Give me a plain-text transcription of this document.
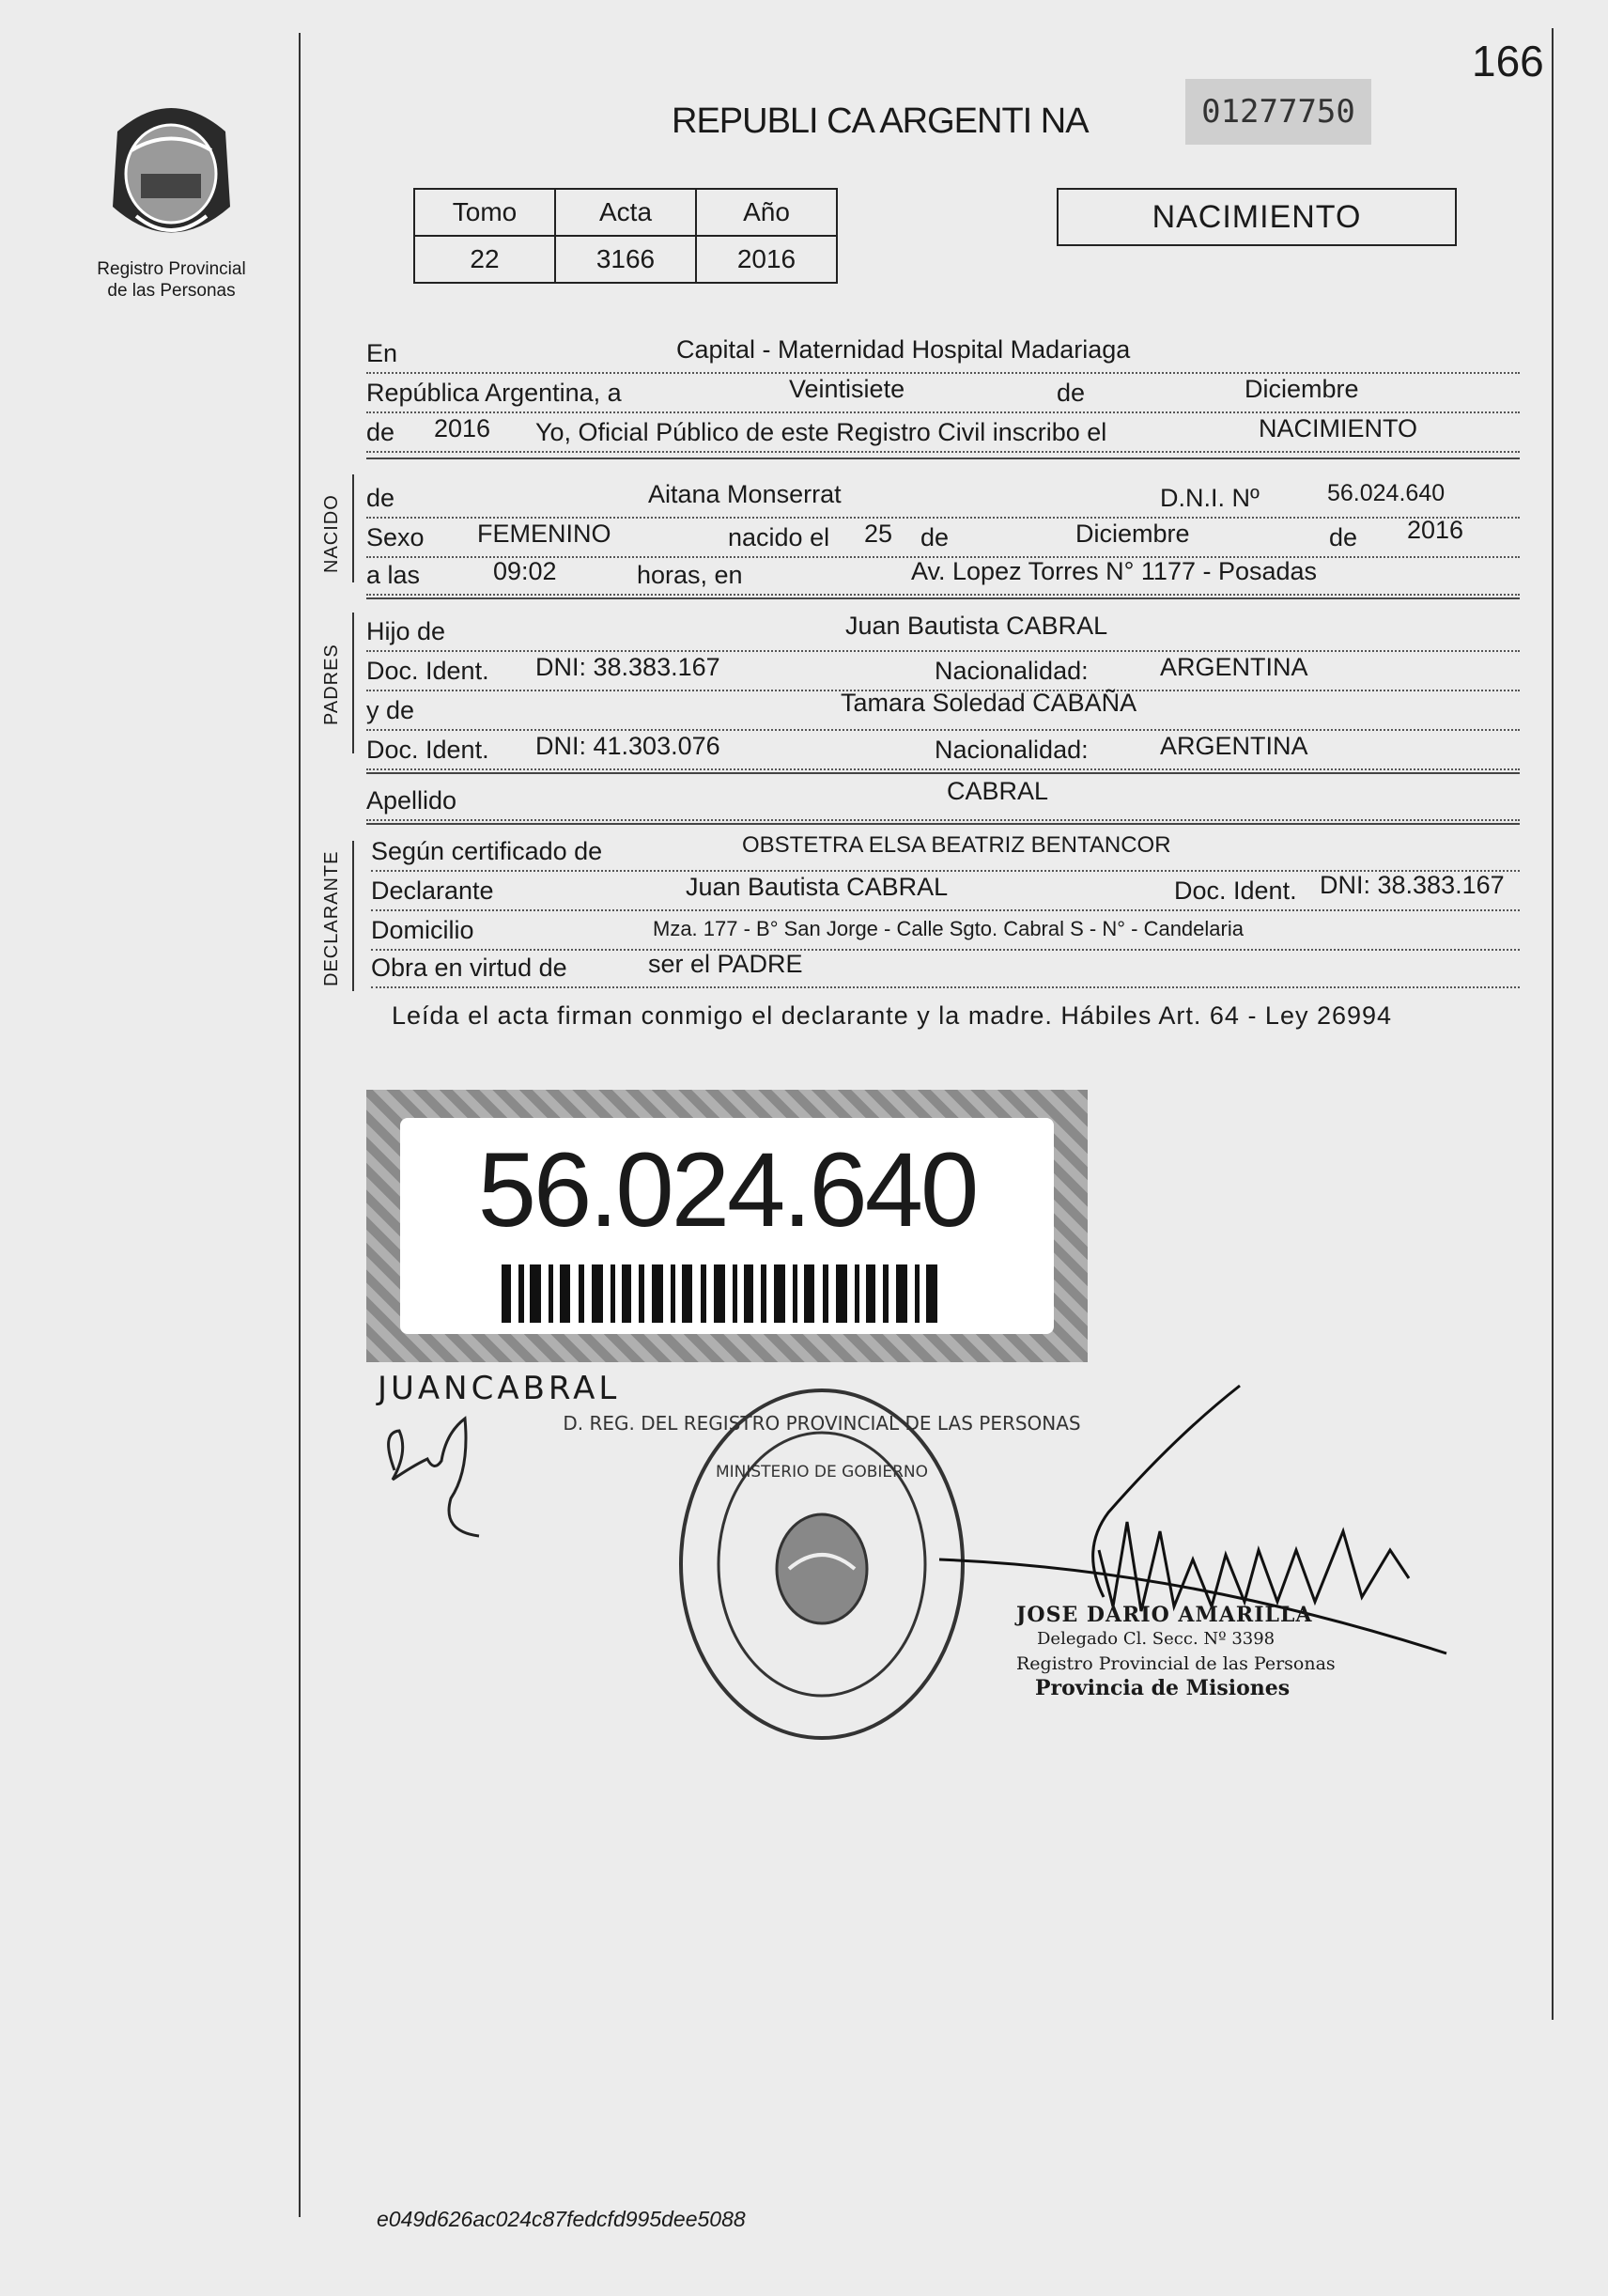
166
REPUBLI CA ARGENTI NA	01277750
Registro Provincial
de las Personas
Tomo	Acta	Año
22	3166	2016
NACIMIENTO
En	Capital - Maternidad Hospital Madariaga
República Argentina, a	Veintisiete	de	Diciembre
de 2016 Yo, Oficial Público de este Registro Civil inscribo el	NACIMIENTO
NACIDO de	Aitana Monserrat	D.N.I. Nº	56.024.640
Sexo FEMENINO	nacido el 25 de	Diciembre	de 2016
a las	09:02	horas, en	Av. Lopez Torres N° 1177 - Posadas
PADRES
Hijo de	Juan Bautista CABRAL
Doc. Ident. DNI: 38.383.167	Nacionalidad:	ARGENTINA
y de	Tamara Soledad CABAÑA
Doc. Ident. DNI: 41.303.076	Nacionalidad:	ARGENTINA
Apellido	CABRAL
DECLARANTE Según certificado de	OBSTETRA ELSA BEATRIZ BENTANCOR
Declarante	Juan Bautista CABRAL	Doc. Ident. DNI: 38.383.167
Domicilio	Mza. 177 - B° San Jorge - Calle Sgto. Cabral S - N° - Candelaria
Obra en virtud de	ser el PADRE
Leída el acta firman conmigo el declarante y la madre. Hábiles Art. 64 - Ley 26994
56.024.640
JUANCABRAL
D. REG. DEL REGISTRO PROVINCIAL DE LAS PERSONAS
MINISTERIO DE GOBIERNO
JOSE DARIO AMARILLA
Delegado Cl. Secc. Nº 3398
Registro Provincial de las Personas
Provincia de Misiones
e049d626ac024c87fedcfd995dee5088
